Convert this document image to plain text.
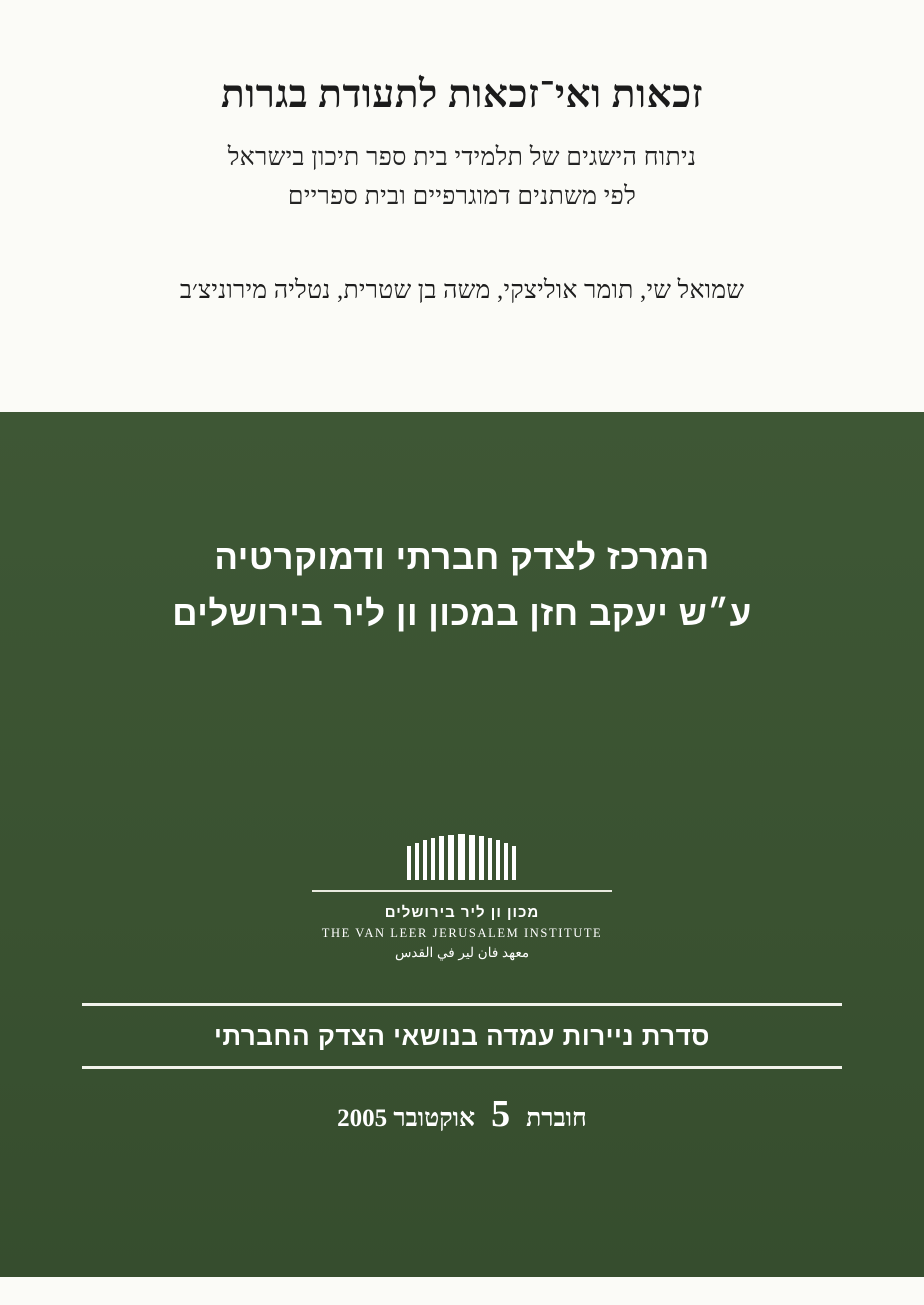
זכאות ואי־זכאות לתעודת בגרות
ניתוח הישגים של תלמידי בית ספר תיכון בישראל
לפי משתנים דמוגרפיים ובית ספריים
שמואל שי, תומר אוליצקי, משה בן שטרית, נטליה מירוניצ׳ב
המרכז לצדק חברתי ודמוקרטיה
ע״ש יעקב חזן במכון ון ליר בירושלים
מכון ון ליר בירושלים
THE VAN LEER JERUSALEM INSTITUTE
معهد فان لير في القدس
סדרת ניירות עמדה בנושאי הצדק החברתי
חוברת
5
אוקטובר 2005
